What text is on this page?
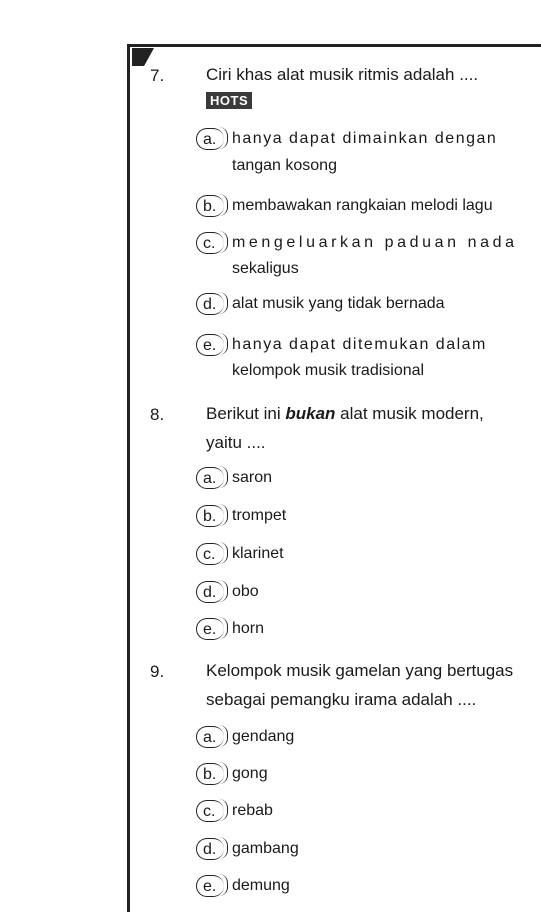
7. Ciri khas alat musik ritmis adalah ....
HOTS
a. hanya dapat dimainkan dengan
tangan kosong
b. membawakan rangkaian melodi lagu
c.	mengeluarkan paduan nada
sekaligus
d. alat musik yang tidak bernada
e. hanya dapat ditemukan dalam
kelompok musik tradisional
8. Berikut ini bukan alat musik modern,
yaitu ....
a. saron
b. trompet
c.	klarinet
d. obo
e. horn
9. Kelompok musik gamelan yang bertugas
sebagai pemangku irama adalah ....
a. gendang
b. gong
c.	rebab
d. gambang
e. demung
